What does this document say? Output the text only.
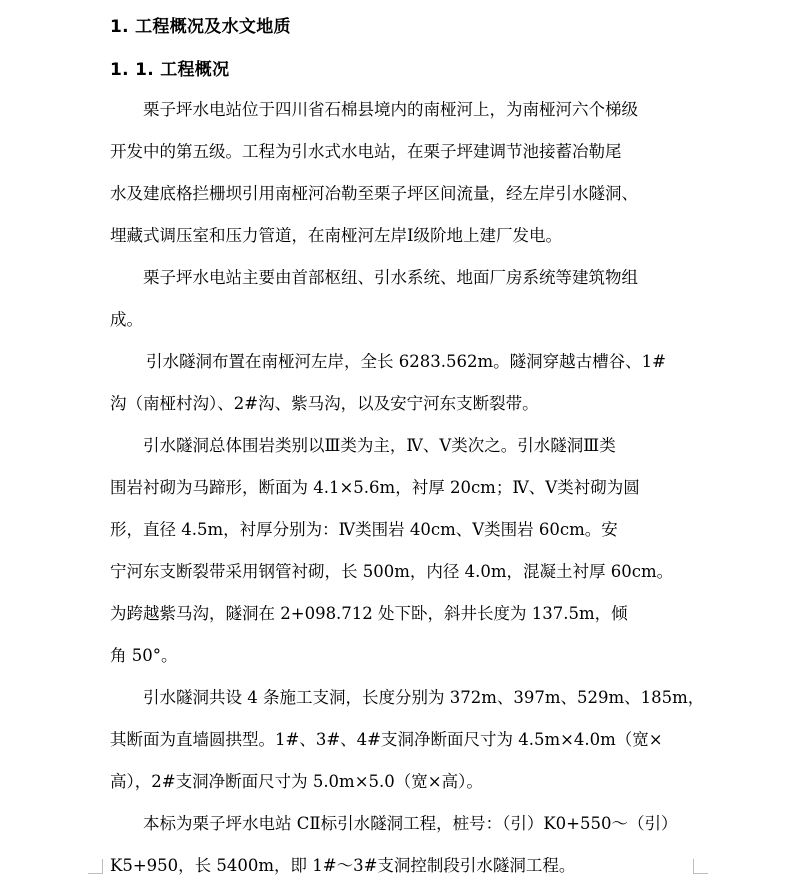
1. 工程概况及水文地质
1. 1. 工程概况
栗子坪水电站位于四川省石棉县境内的南桠河上，为南桠河六个梯级
开发中的第五级。工程为引水式水电站，在栗子坪建调节池接蓄冶勒尾
水及建底格拦栅坝引用南桠河冶勒至栗子坪区间流量，经左岸引水隧洞、
埋藏式调压室和压力管道，在南桠河左岸Ⅰ级阶地上建厂发电。
栗子坪水电站主要由首部枢纽、引水系统、地面厂房系统等建筑物组
成。
引水隧洞布置在南桠河左岸，全长 6283.562m。隧洞穿越古槽谷、1#
沟（南桠村沟）、2#沟、紫马沟，以及安宁河东支断裂带。
引水隧洞总体围岩类别以Ⅲ类为主，Ⅳ、Ⅴ类次之。引水隧洞Ⅲ类
围岩衬砌为马蹄形，断面为 4.1×5.6m，衬厚 20cm；Ⅳ、Ⅴ类衬砌为圆
形，直径 4.5m，衬厚分别为：Ⅳ类围岩 40cm、Ⅴ类围岩 60cm。安
宁河东支断裂带采用钢管衬砌，长 500m，内径 4.0m，混凝土衬厚 60cm。
为跨越紫马沟，隧洞在 2+098.712 处下卧，斜井长度为 137.5m，倾
角 50°。
引水隧洞共设 4 条施工支洞，长度分别为 372m、397m、529m、185m，
其断面为直墙圆拱型。1#、3#、4#支洞净断面尺寸为 4.5m×4.0m（宽×
高），2#支洞净断面尺寸为 5.0m×5.0（宽×高）。
本标为栗子坪水电站 CⅡ标引水隧洞工程，桩号：（引）K0+550～（引）
K5+950，长 5400m，即 1#～3#支洞控制段引水隧洞工程。
